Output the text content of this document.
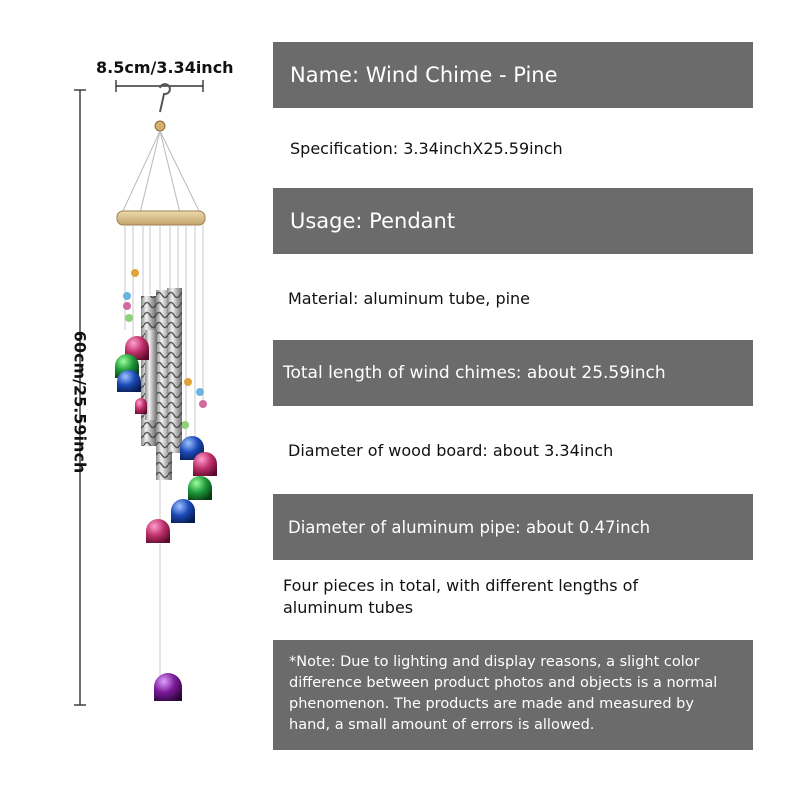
8.5cm/3.34inch
60cm/25.59inch
Name: Wind Chime - Pine
Specification: 3.34inchX25.59inch
Usage: Pendant
Material: aluminum tube, pine
Total length of wind chimes: about 25.59inch
Diameter of wood board: about 3.34inch
Diameter of aluminum pipe: about 0.47inch
Four pieces in total, with different lengths of aluminum tubes
*Note: Due to lighting and display reasons, a slight color difference between product photos and objects is a normal phenomenon. The products are made and measured by hand, a small amount of errors is allowed.
